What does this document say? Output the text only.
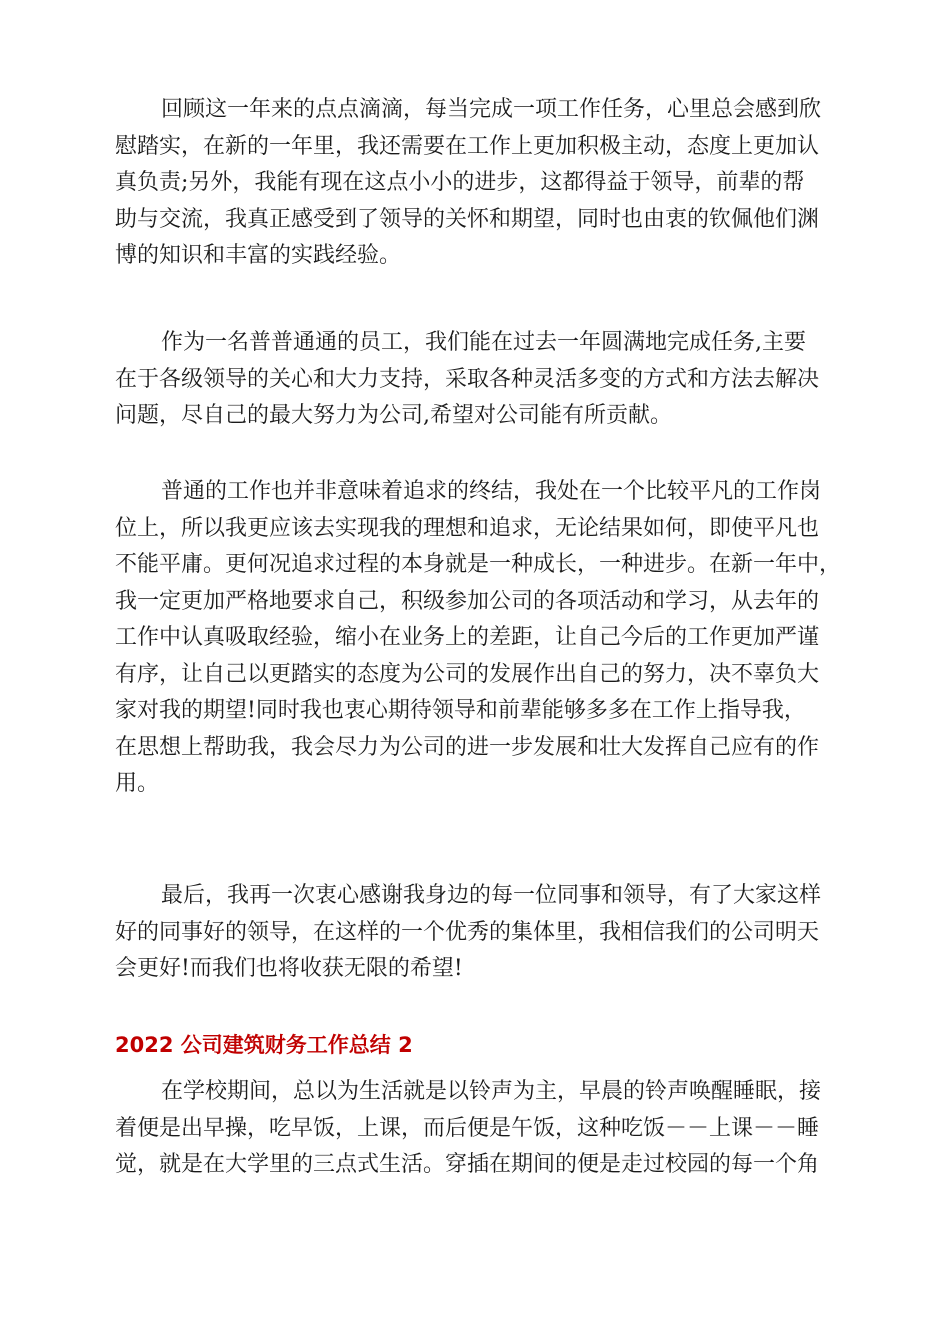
回顾这一年来的点点滴滴，每当完成一项工作任务，心里总会感到欣
慰踏实，在新的一年里，我还需要在工作上更加积极主动，态度上更加认
真负责;另外，我能有现在这点小小的进步，这都得益于领导，前辈的帮
助与交流，我真正感受到了领导的关怀和期望，同时也由衷的钦佩他们渊
博的知识和丰富的实践经验。
作为一名普普通通的员工，我们能在过去一年圆满地完成任务,主要
在于各级领导的关心和大力支持，采取各种灵活多变的方式和方法去解决
问题，尽自己的最大努力为公司,希望对公司能有所贡献。
普通的工作也并非意味着追求的终结，我处在一个比较平凡的工作岗
位上，所以我更应该去实现我的理想和追求，无论结果如何，即使平凡也
不能平庸。更何况追求过程的本身就是一种成长，一种进步。在新一年中，
我一定更加严格地要求自己，积级参加公司的各项活动和学习，从去年的
工作中认真吸取经验，缩小在业务上的差距，让自己今后的工作更加严谨
有序，让自己以更踏实的态度为公司的发展作出自己的努力，决不辜负大
家对我的期望!同时我也衷心期待领导和前辈能够多多在工作上指导我，
在思想上帮助我，我会尽力为公司的进一步发展和壮大发挥自己应有的作
用。
最后，我再一次衷心感谢我身边的每一位同事和领导，有了大家这样
好的同事好的领导，在这样的一个优秀的集体里，我相信我们的公司明天
会更好!而我们也将收获无限的希望!
2022 公司建筑财务工作总结 2
在学校期间，总以为生活就是以铃声为主，早晨的铃声唤醒睡眠，接
着便是出早操，吃早饭，上课，而后便是午饭，这种吃饭－－上课－－睡
觉，就是在大学里的三点式生活。穿插在期间的便是走过校园的每一个角
